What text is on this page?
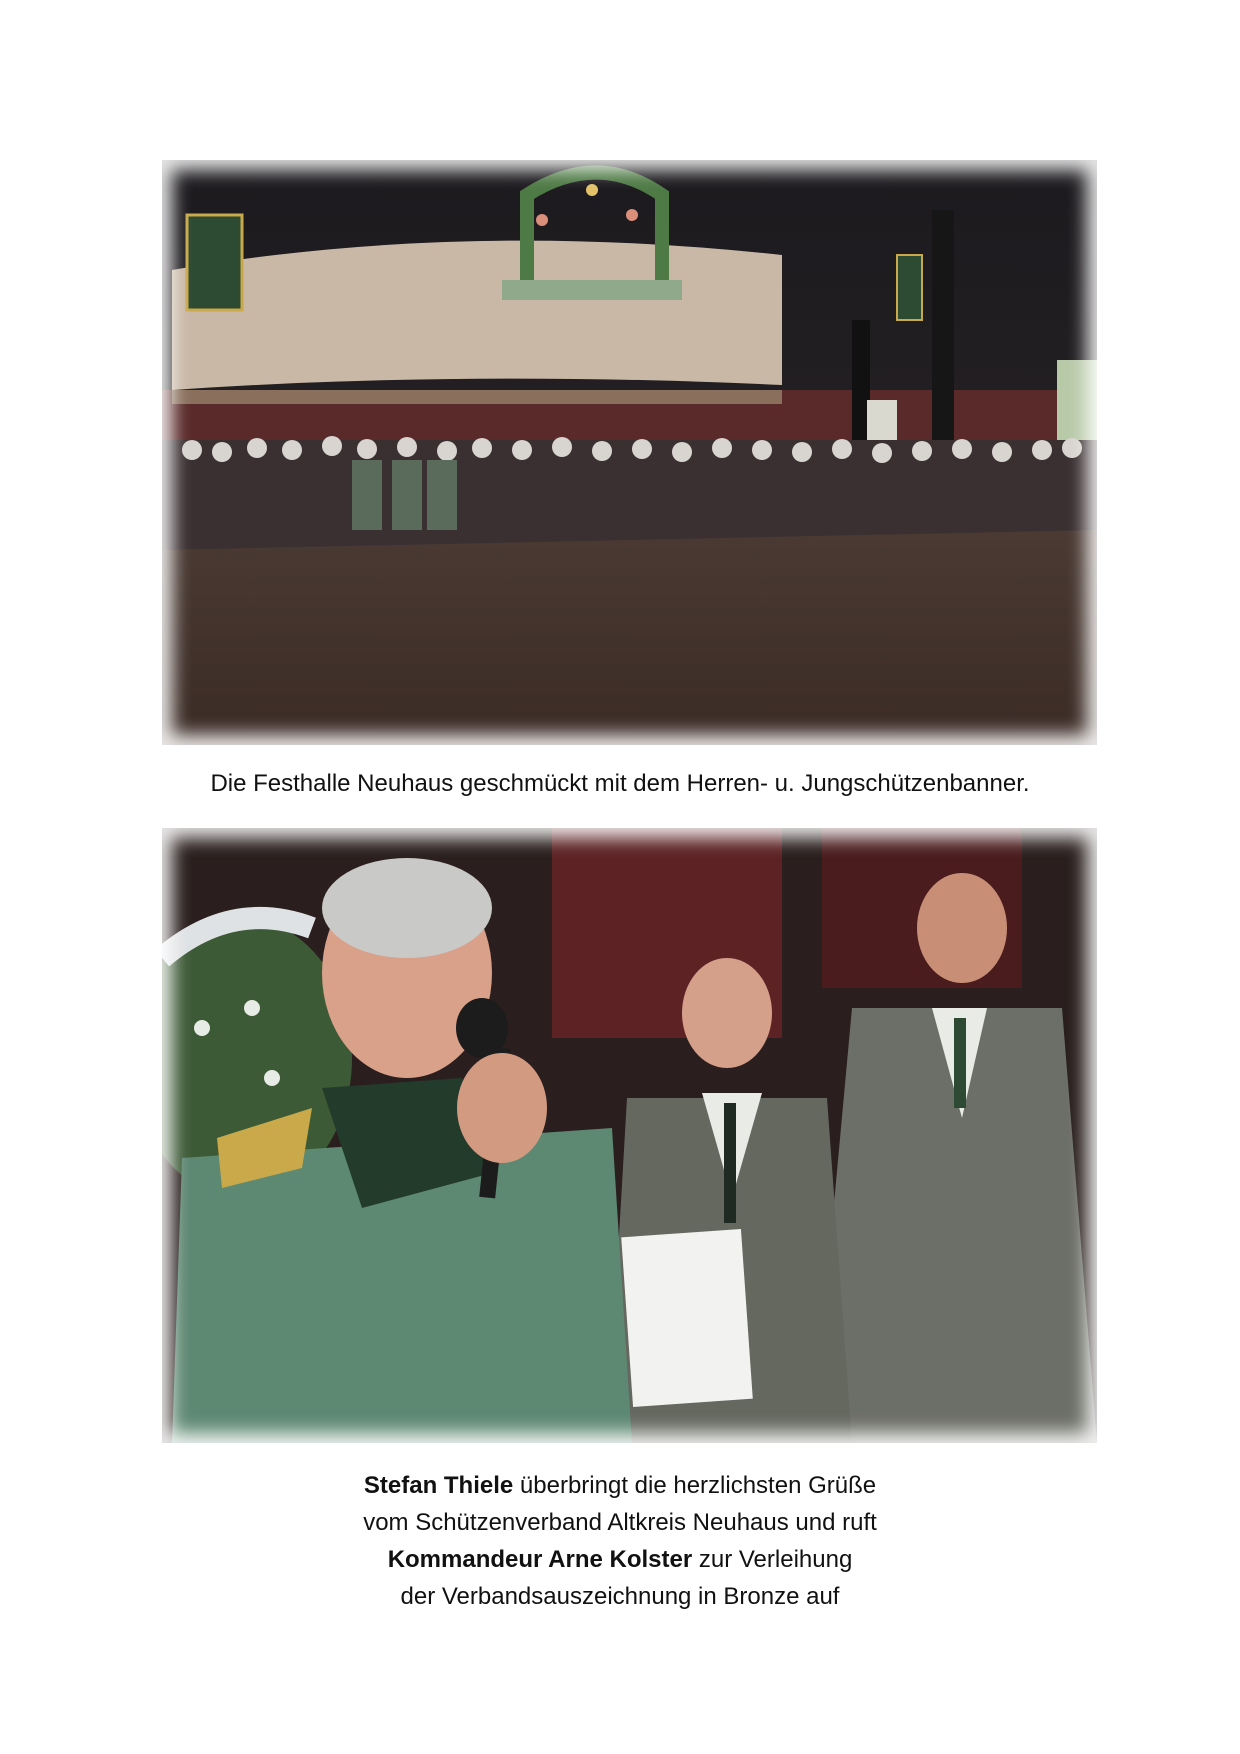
Die Festhalle Neuhaus geschmückt mit dem Herren- u. Jungschützenbanner.
Stefan Thiele überbringt die herzlichsten Grüße
vom Schützenverband Altkreis Neuhaus und ruft
Kommandeur Arne Kolster zur Verleihung
der Verbandsauszeichnung in Bronze auf
